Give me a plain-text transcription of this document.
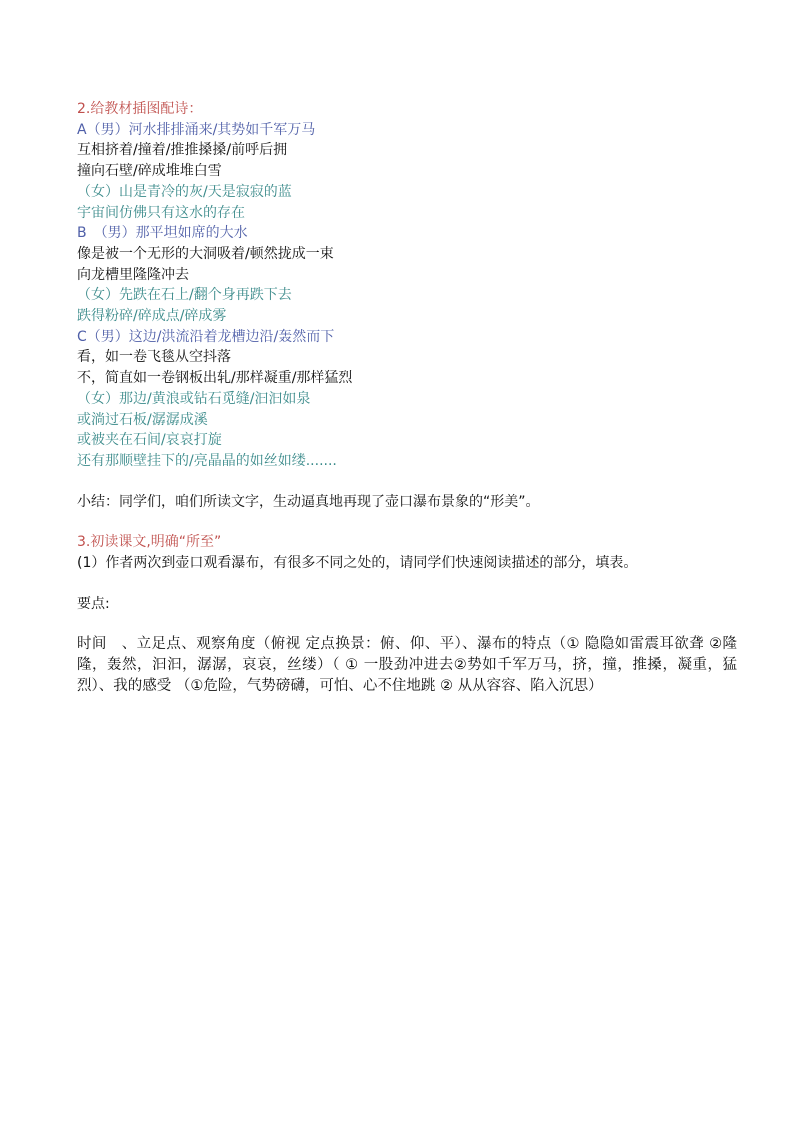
2.给教材插图配诗：
A（男）河水排排涌来/其势如千军万马
互相挤着/撞着/推推搡搡/前呼后拥
撞向石壁/碎成堆堆白雪
（女）山是青冷的灰/天是寂寂的蓝
宇宙间仿佛只有这水的存在
B　（男）那平坦如席的大水
像是被一个无形的大洞吸着/顿然拢成一束
向龙槽里隆隆冲去
（女）先跌在石上/翻个身再跌下去
跌得粉碎/碎成点/碎成雾
C（男）这边/洪流沿着龙槽边沿/轰然而下
看，如一卷飞毯从空抖落
不，简直如一卷钢板出轧/那样凝重/那样猛烈
（女）那边/黄浪或钻石觅缝/汩汩如泉
或淌过石板/潺潺成溪
或被夹在石间/哀哀打旋
还有那顺壁挂下的/亮晶晶的如丝如缕.......
小结：同学们，咱们所读文字，生动逼真地再现了壶口瀑布景象的“形美”。
3.初读课文,明确“所至”
(1）作者两次到壶口观看瀑布，有很多不同之处的，请同学们快速阅读描述的部分，填表。
要点:
时间　、立足点、观察角度（俯视 定点换景：俯、仰、平）、瀑布的特点（① 隐隐如雷震耳欲聋 ②隆隆，轰然，汩汩，潺潺，哀哀，丝缕）（ ① 一股劲冲进去②势如千军万马，挤，撞，推搡，凝重，猛烈）、我的感受 （①危险，气势磅礴，可怕、心不住地跳 ② 从从容容、陷入沉思）
